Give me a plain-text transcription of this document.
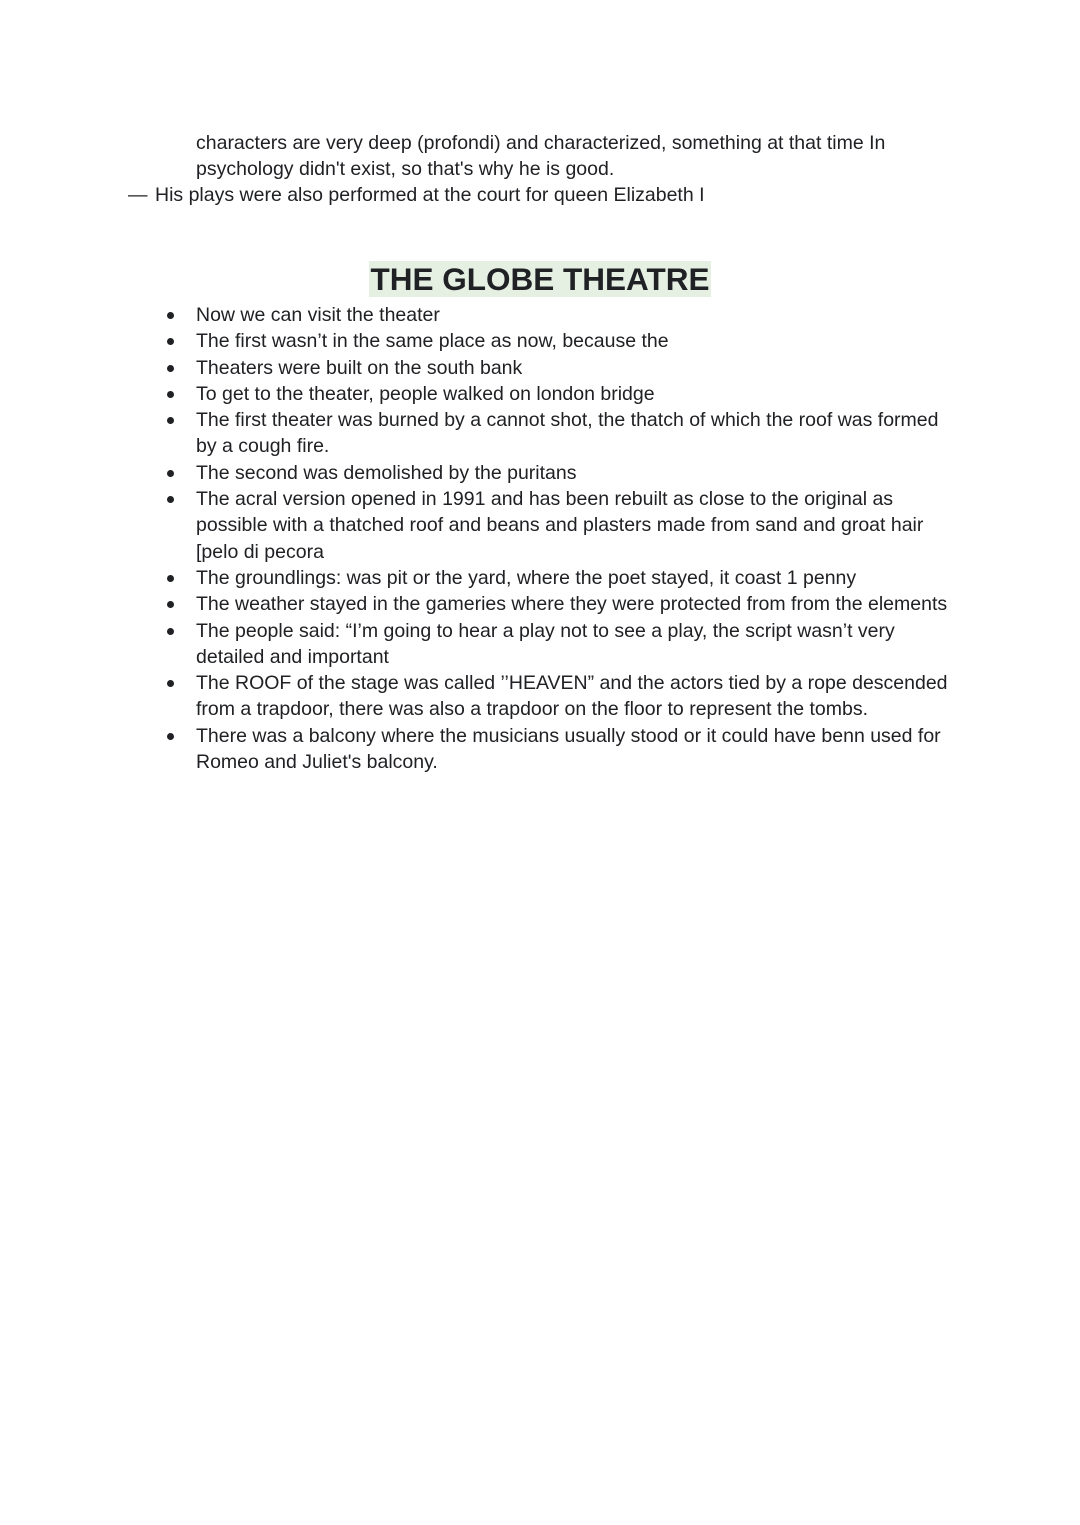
characters are very deep (profondi) and characterized, something at that time In psychology didn't exist, so that's why he is good.
— His plays were also performed at the court for queen Elizabeth I
THE GLOBE THEATRE
Now we can visit the theater
The first wasn’t in the same place as now, because the
Theaters were built on the south bank
To get to the theater, people walked on london bridge
The first theater was burned by a cannot shot, the thatch of which the roof was formed by a cough fire.
The second was demolished by the puritans
The acral version opened in 1991 and has been rebuilt as close to the original as possible with a thatched roof and beans and plasters made from sand and groat hair [pelo di pecora
The groundlings: was pit or the yard, where the poet stayed, it coast 1 penny
The weather stayed in the gameries where they were protected from from the elements
The people said: “I’m going to hear a play not to see a play, the script wasn’t very detailed and important
The ROOF of the stage was called ’’HEAVEN” and the actors tied by a rope descended from a trapdoor, there was also a trapdoor on the floor to represent the tombs.
There was a balcony where the musicians usually stood or it could have benn used for Romeo and Juliet's balcony.
